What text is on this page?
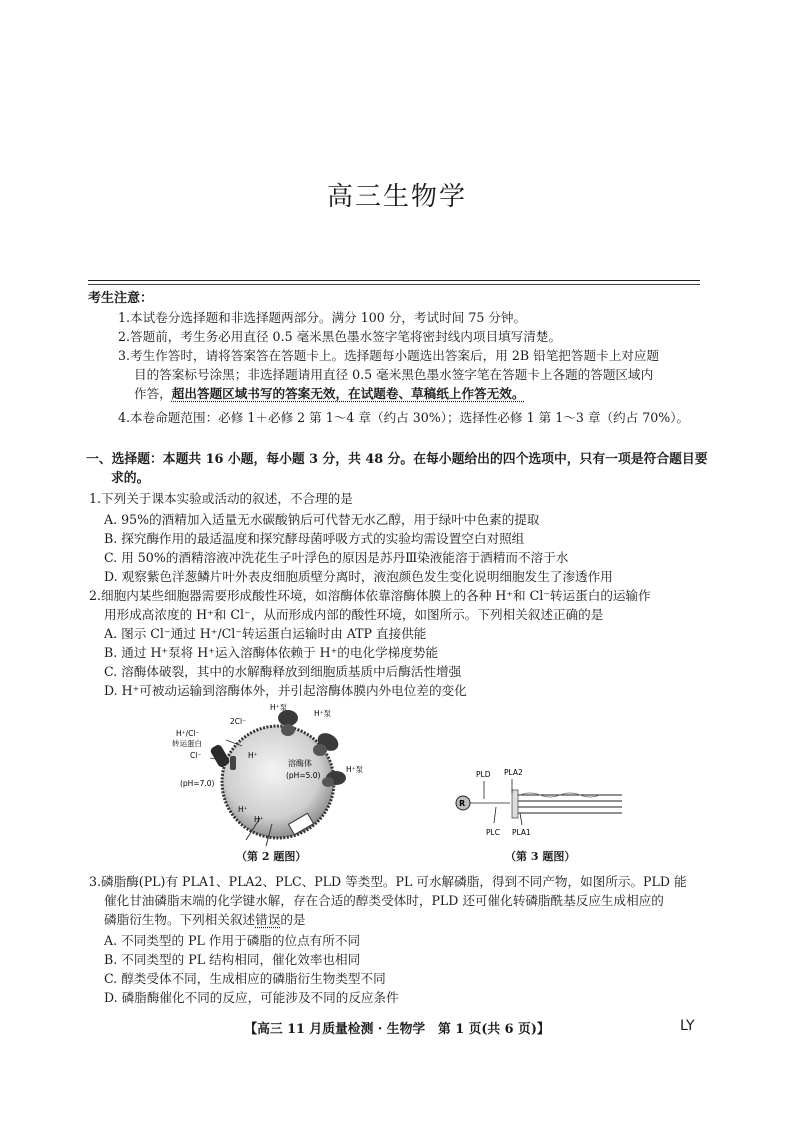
高三生物学
考生注意：
1.本试卷分选择题和非选择题两部分。满分 100 分，考试时间 75 分钟。
2.答题前，考生务必用直径 0.5 毫米黑色墨水签字笔将密封线内项目填写清楚。
3.考生作答时，请将答案答在答题卡上。选择题每小题选出答案后，用 2B 铅笔把答题卡上对应题
目的答案标号涂黑；非选择题请用直径 0.5 毫米黑色墨水签字笔在答题卡上各题的答题区域内
作答，超出答题区域书写的答案无效，在试题卷、草稿纸上作答无效。
4.本卷命题范围：必修 1＋必修 2 第 1～4 章（约占 30%）；选择性必修 1 第 1～3 章（约占 70%）。
一、选择题：本题共 16 小题，每小题 3 分，共 48 分。在每小题给出的四个选项中，只有一项是符合题目要
求的。
1.下列关于课本实验或活动的叙述，不合理的是
A. 95%的酒精加入适量无水碳酸钠后可代替无水乙醇，用于绿叶中色素的提取
B. 探究酶作用的最适温度和探究酵母菌呼吸方式的实验均需设置空白对照组
C. 用 50%的酒精溶液冲洗花生子叶浮色的原因是苏丹Ⅲ染液能溶于酒精而不溶于水
D. 观察紫色洋葱鳞片叶外表皮细胞质壁分离时，液泡颜色发生变化说明细胞发生了渗透作用
2.细胞内某些细胞器需要形成酸性环境，如溶酶体依靠溶酶体膜上的各种 H⁺和 Cl⁻转运蛋白的运输作
用形成高浓度的 H⁺和 Cl⁻，从而形成内部的酸性环境，如图所示。下列相关叙述正确的是
A. 图示 Cl⁻通过 H⁺/Cl⁻转运蛋白运输时由 ATP 直接供能
B. 通过 H⁺泵将 H⁺运入溶酶体依赖于 H⁺的电化学梯度势能
C. 溶酶体破裂，其中的水解酶释放到细胞质基质中后酶活性增强
D. H⁺可被动运输到溶酶体外，并引起溶酶体膜内外电位差的变化
H⁺泵
H⁺泵
H⁺泵
2Cl⁻
H⁺/Cl⁻
转运蛋白
Cl⁻	H⁺
溶酶体
(pH=5.0)
(pH=7.0)
H⁺
H⁺
（第 2 题图）
R
PLD PLA2
PLC PLA1
（第 3 题图）
3.磷脂酶(PL)有 PLA1、PLA2、PLC、PLD 等类型。PL 可水解磷脂，得到不同产物，如图所示。PLD 能
催化甘油磷脂末端的化学键水解，存在合适的醇类受体时，PLD 还可催化转磷脂酰基反应生成相应的
磷脂衍生物。下列相关叙述错误的是
A. 不同类型的 PL 作用于磷脂的位点有所不同
B. 不同类型的 PL 结构相同，催化效率也相同
C. 醇类受体不同，生成相应的磷脂衍生物类型不同
D. 磷脂酶催化不同的反应，可能涉及不同的反应条件
【高三 11 月质量检测 · 生物学　第 1 页(共 6 页)】	LY
